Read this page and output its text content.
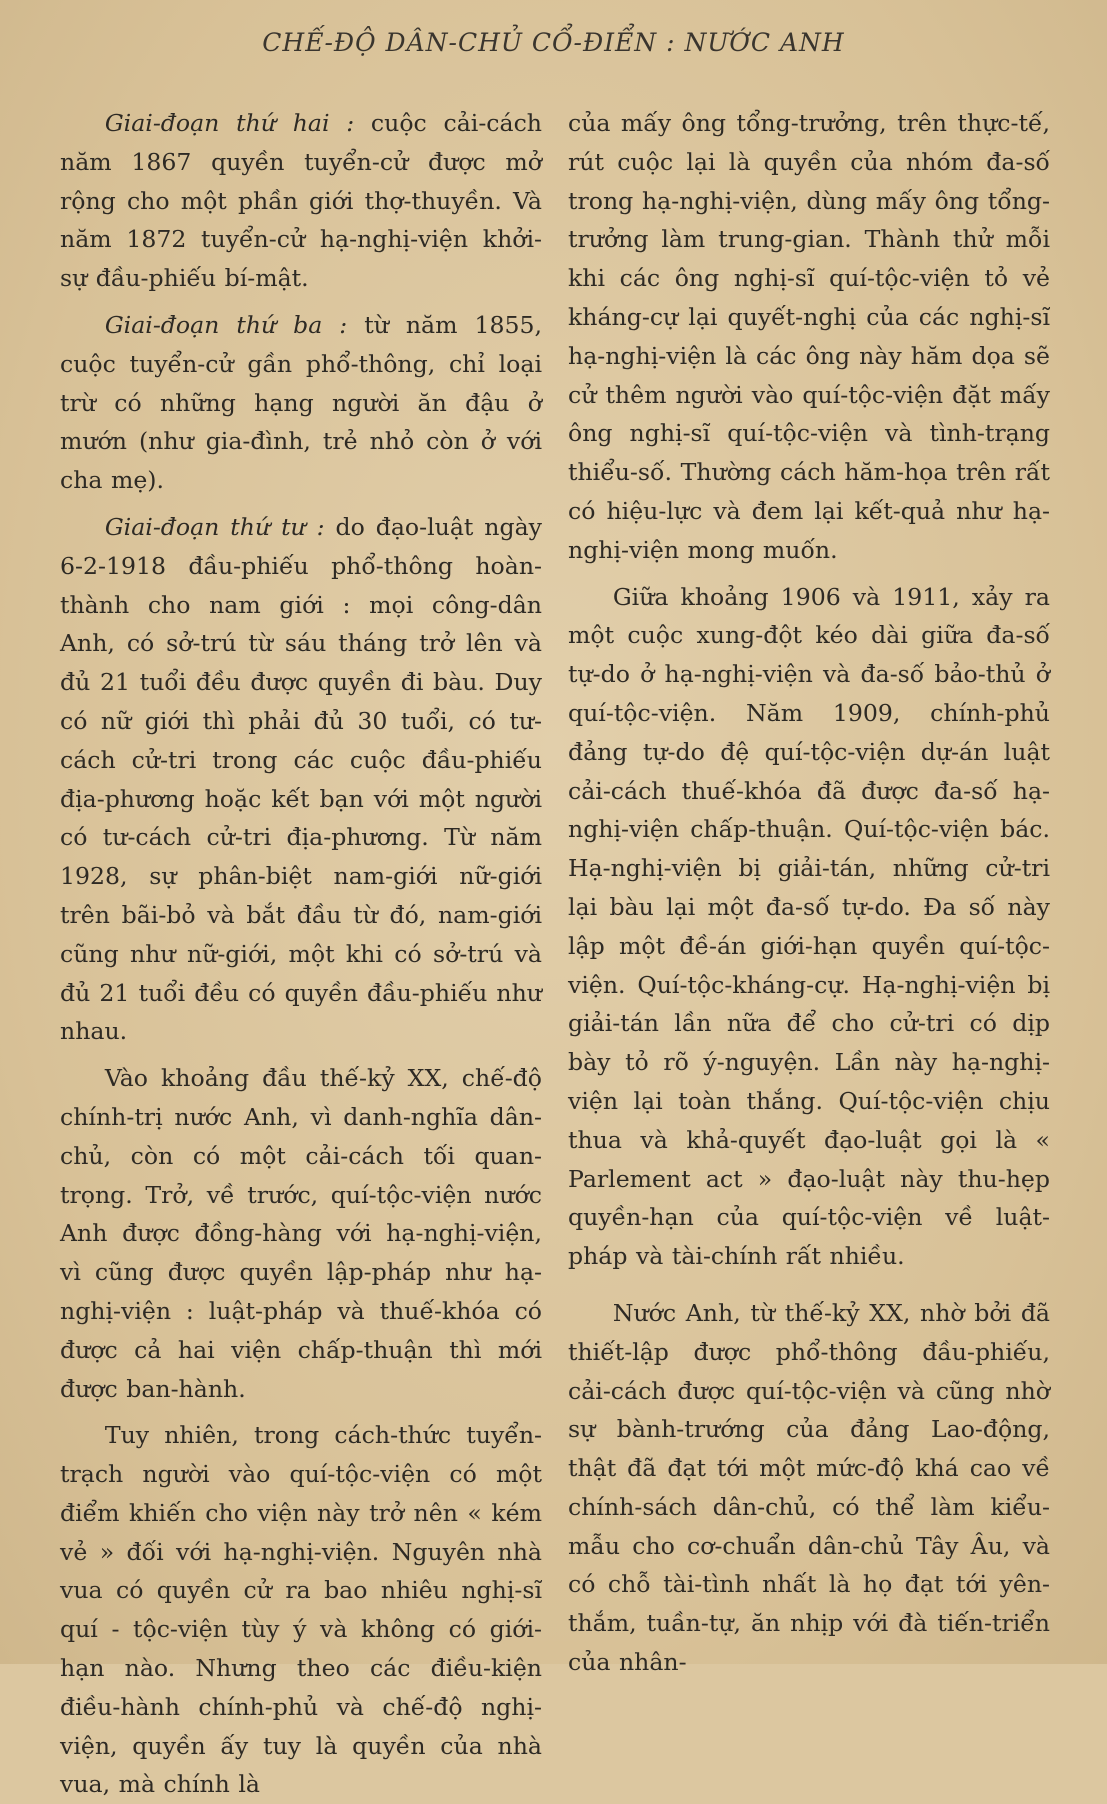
CHẾ-ĐỘ DÂN-CHỦ CỔ-ĐIỂN : NƯỚC ANH

Giai-đoạn thứ hai : cuộc cải-cách năm 1867 quyền tuyển-cử được mở rộng cho một phần giới thợ-thuyền. Và năm 1872 tuyển-cử hạ-nghị-viện khởi-sự đầu-phiếu bí-mật.

Giai-đoạn thứ ba : từ năm 1855, cuộc tuyển-cử gần phổ-thông, chỉ loại trừ có những hạng người ăn đậu ở mướn (như gia-đình, trẻ nhỏ còn ở với cha mẹ).

Giai-đoạn thứ tư : do đạo-luật ngày 6-2-1918 đầu-phiếu phổ-thông hoàn-thành cho nam giới : mọi công-dân Anh, có sở-trú từ sáu tháng trở lên và đủ 21 tuổi đều được quyền đi bàu. Duy có nữ giới thì phải đủ 30 tuổi, có tư-cách cử-tri trong các cuộc đầu-phiếu địa-phương hoặc kết bạn với một người có tư-cách cử-tri địa-phương. Từ năm 1928, sự phân-biệt nam-giới nữ-giới trên bãi-bỏ và bắt đầu từ đó, nam-giới cũng như nữ-giới, một khi có sở-trú và đủ 21 tuổi đều có quyền đầu-phiếu như nhau.

Vào khoảng đầu thế-kỷ XX, chế-độ chính-trị nước Anh, vì danh-nghĩa dân-chủ, còn có một cải-cách tối quan-trọng. Trở, về trước, quí-tộc-viện nước Anh được đồng-hàng với hạ-nghị-viện, vì cũng được quyền lập-pháp như hạ-nghị-viện : luật-pháp và thuế-khóa có được cả hai viện chấp-thuận thì mới được ban-hành.

Tuy nhiên, trong cách-thức tuyển-trạch người vào quí-tộc-viện có một điểm khiến cho viện này trở nên « kém vẻ » đối với hạ-nghị-viện. Nguyên nhà vua có quyền cử ra bao nhiêu nghị-sĩ quí - tộc-viện tùy ý và không có giới-hạn nào. Nhưng theo các điều-kiện điều-hành chính-phủ và chế-độ nghị-viện, quyền ấy tuy là quyền của nhà vua, mà chính là

của mấy ông tổng-trưởng, trên thực-tế, rút cuộc lại là quyền của nhóm đa-số trong hạ-nghị-viện, dùng mấy ông tổng-trưởng làm trung-gian. Thành thử mỗi khi các ông nghị-sĩ quí-tộc-viện tỏ vẻ kháng-cự lại quyết-nghị của các nghị-sĩ hạ-nghị-viện là các ông này hăm dọa sẽ cử thêm người vào quí-tộc-viện đặt mấy ông nghị-sĩ quí-tộc-viện và tình-trạng thiểu-số. Thường cách hăm-họa trên rất có hiệu-lực và đem lại kết-quả như hạ-nghị-viện mong muốn.

Giữa khoảng 1906 và 1911, xảy ra một cuộc xung-đột kéo dài giữa đa-số tự-do ở hạ-nghị-viện và đa-số bảo-thủ ở quí-tộc-viện. Năm 1909, chính-phủ đảng tự-do đệ quí-tộc-viện dự-án luật cải-cách thuế-khóa đã được đa-số hạ-nghị-viện chấp-thuận. Quí-tộc-viện bác. Hạ-nghị-viện bị giải-tán, những cử-tri lại bàu lại một đa-số tự-do. Đa số này lập một đề-án giới-hạn quyền quí-tộc-viện. Quí-tộc-kháng-cự. Hạ-nghị-viện bị giải-tán lần nữa để cho cử-tri có dịp bày tỏ rõ ý-nguyện. Lần này hạ-nghị-viện lại toàn thắng. Quí-tộc-viện chịu thua và khả-quyết đạo-luật gọi là « Parlement act » đạo-luật này thu-hẹp quyền-hạn của quí-tộc-viện về luật-pháp và tài-chính rất nhiều.

Nước Anh, từ thế-kỷ XX, nhờ bởi đã thiết-lập được phổ-thông đầu-phiếu, cải-cách được quí-tộc-viện và cũng nhờ sự bành-trướng của đảng Lao-động, thật đã đạt tới một mức-độ khá cao về chính-sách dân-chủ, có thể làm kiểu-mẫu cho cơ-chuẩn dân-chủ Tây Âu, và có chỗ tài-tình nhất là họ đạt tới yên-thắm, tuần-tự, ăn nhịp với đà tiến-triển của nhân-
